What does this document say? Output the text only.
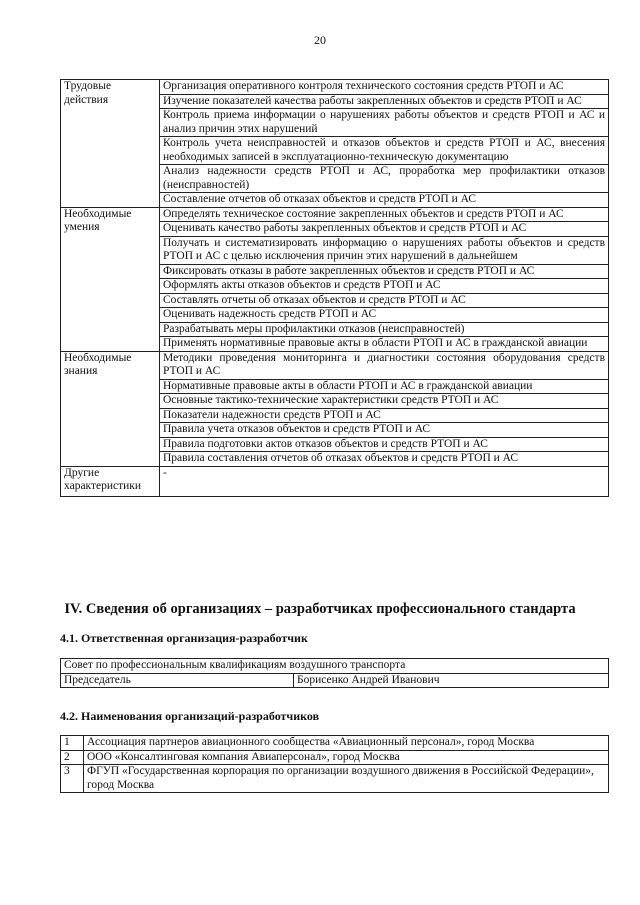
20
Трудовые действия	Организация оперативного контроля технического состояния средств РТОП и АС
	Изучение показателей качества работы закрепленных объектов и средств РТОП и АС
	Контроль приема информации о нарушениях работы объектов и средств РТОП и АС и анализ причин этих нарушений
	Контроль учета неисправностей и отказов объектов и средств РТОП и АС, внесения необходимых записей в эксплуатационно-техническую документацию
	Анализ надежности средств РТОП и АС, проработка мер профилактики отказов (неисправностей)
	Составление отчетов об отказах объектов и средств РТОП и АС
Необходимые умения	Определять техническое состояние закрепленных объектов и средств РТОП и АС
	Оценивать качество работы закрепленных объектов и средств РТОП и АС
	Получать и систематизировать информацию о нарушениях работы объектов и средств РТОП и АС с целью исключения причин этих нарушений в дальнейшем
	Фиксировать отказы в работе закрепленных объектов и средств РТОП и АС
	Оформлять акты отказов объектов и средств РТОП и АС
	Составлять отчеты об отказах объектов и средств РТОП и АС
	Оценивать надежность средств РТОП и АС
	Разрабатывать меры профилактики отказов (неисправностей)
	Применять нормативные правовые акты в области РТОП и АС в гражданской авиации
Необходимые знания	Методики проведения мониторинга и диагностики состояния оборудования средств РТОП и АС
	Нормативные правовые акты в области РТОП и АС в гражданской авиации
	Основные тактико-технические характеристики средств РТОП и АС
	Показатели надежности средств РТОП и АС
	Правила учета отказов объектов и средств РТОП и АС
	Правила подготовки актов отказов объектов и средств РТОП и АС
	Правила составления отчетов об отказах объектов и средств РТОП и АС
Другие характеристики	-
IV. Сведения об организациях – разработчиках профессионального стандарта
4.1. Ответственная организация-разработчик
Совет по профессиональным квалификациям воздушного транспорта
Председатель	Борисенко Андрей Иванович
4.2. Наименования организаций-разработчиков
1	Ассоциация партнеров авиационного сообщества «Авиационный персонал», город Москва
2	ООО «Консалтинговая компания Авиаперсонал», город Москва
3	ФГУП «Государственная корпорация по организации воздушного движения в Российской Федерации», город Москва
